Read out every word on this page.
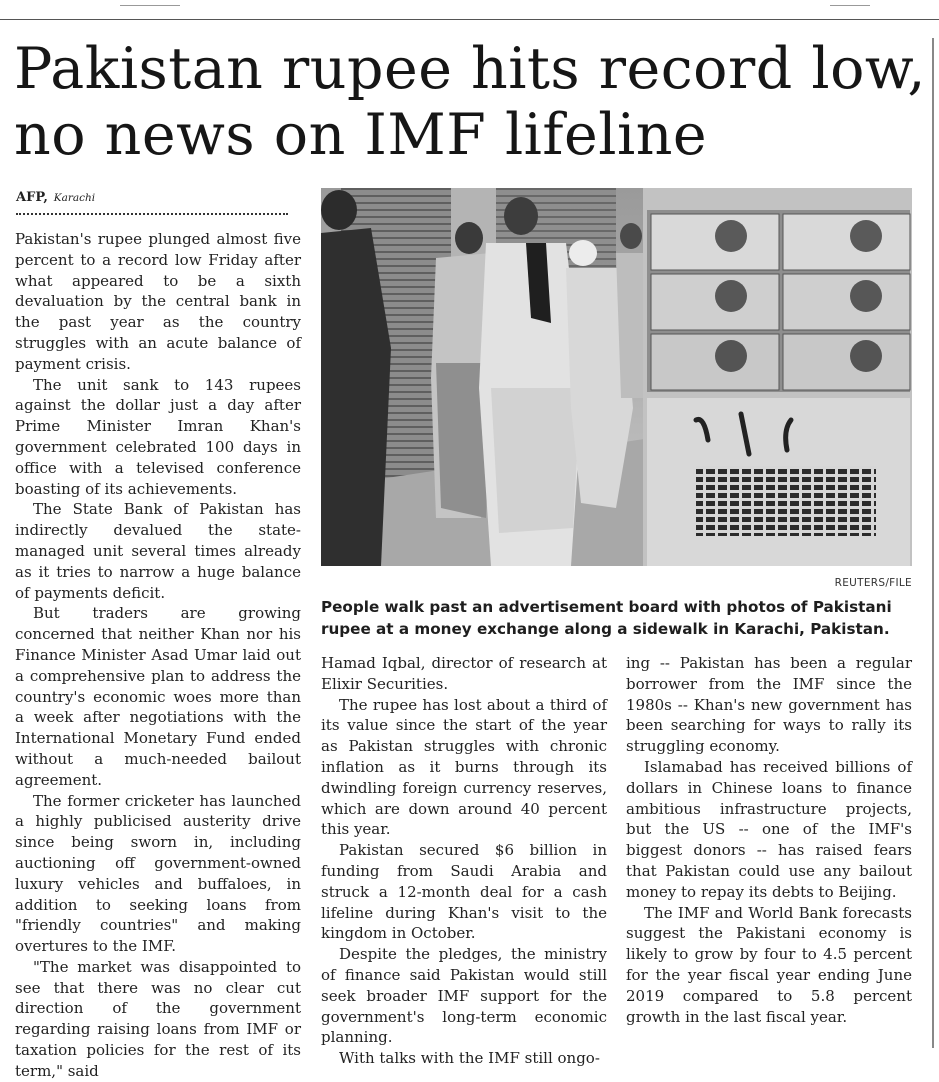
Pakistan rupee hits record low, no news on IMF lifeline
AFP, Karachi

Pakistan's rupee plunged almost five percent to a record low Friday after what appeared to be a sixth devaluation by the central bank in the past year as the country struggles with an acute balance of payment crisis.

The unit sank to 143 rupees against the dollar just a day after Prime Minister Imran Khan's government celebrated 100 days in office with a televised conference boasting of its achievements.

The State Bank of Pakistan has indirectly devalued the state-managed unit several times already as it tries to narrow a huge balance of payments deficit.

But traders are growing concerned that neither Khan nor his Finance Minister Asad Umar laid out a comprehensive plan to address the country's economic woes more than a week after negotiations with the International Monetary Fund ended without a much-needed bailout agreement.

The former cricketer has launched a highly publicised austerity drive since being sworn in, including auctioning off government-owned luxury vehicles and buffaloes, in addition to seeking loans from "friendly countries" and making overtures to the IMF.

"The market was disappointed to see that there was no clear cut direction of the government regarding raising loans from IMF or taxation policies for the rest of its term," said

REUTERS/FILE
People walk past an advertisement board with photos of Pakistani rupee at a money exchange along a sidewalk in Karachi, Pakistan.

Hamad Iqbal, director of research at Elixir Securities.

The rupee has lost about a third of its value since the start of the year as Pakistan struggles with chronic inflation as it burns through its dwindling foreign currency reserves, which are down around 40 percent this year.

Pakistan secured $6 billion in funding from Saudi Arabia and struck a 12-month deal for a cash lifeline during Khan's visit to the kingdom in October.

Despite the pledges, the ministry of finance said Pakistan would still seek broader IMF support for the government's long-term economic planning.

With talks with the IMF still ongo-

ing -- Pakistan has been a regular borrower from the IMF since the 1980s -- Khan's new government has been searching for ways to rally its struggling economy.

Islamabad has received billions of dollars in Chinese loans to finance ambitious infrastructure projects, but the US -- one of the IMF's biggest donors -- has raised fears that Pakistan could use any bailout money to repay its debts to Beijing.

The IMF and World Bank forecasts suggest the Pakistani economy is likely to grow by four to 4.5 percent for the year fiscal year ending June 2019 compared to 5.8 percent growth in the last fiscal year.
